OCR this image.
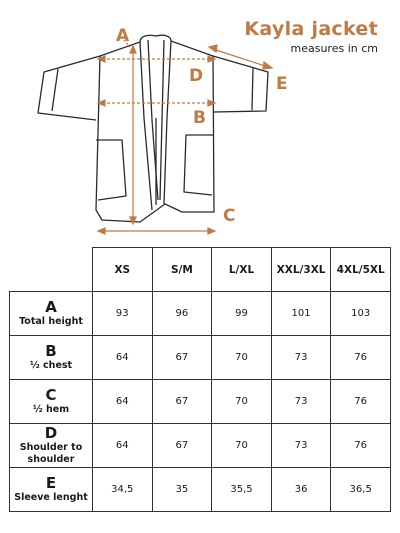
A
D
B
C
E
Kayla jacket
measures in cm
	XS	S/M	L/XL	XXL/3XL	4XL/5XL

A
Total height	93	96	99	101	103

B
½ chest	64	67	70	73	76

C
½ hem	64	67	70	73	76

D
Shoulder to shoulder	64	67	70	73	76

E
Sleeve lenght	34,5	35	35,5	36	36,5
